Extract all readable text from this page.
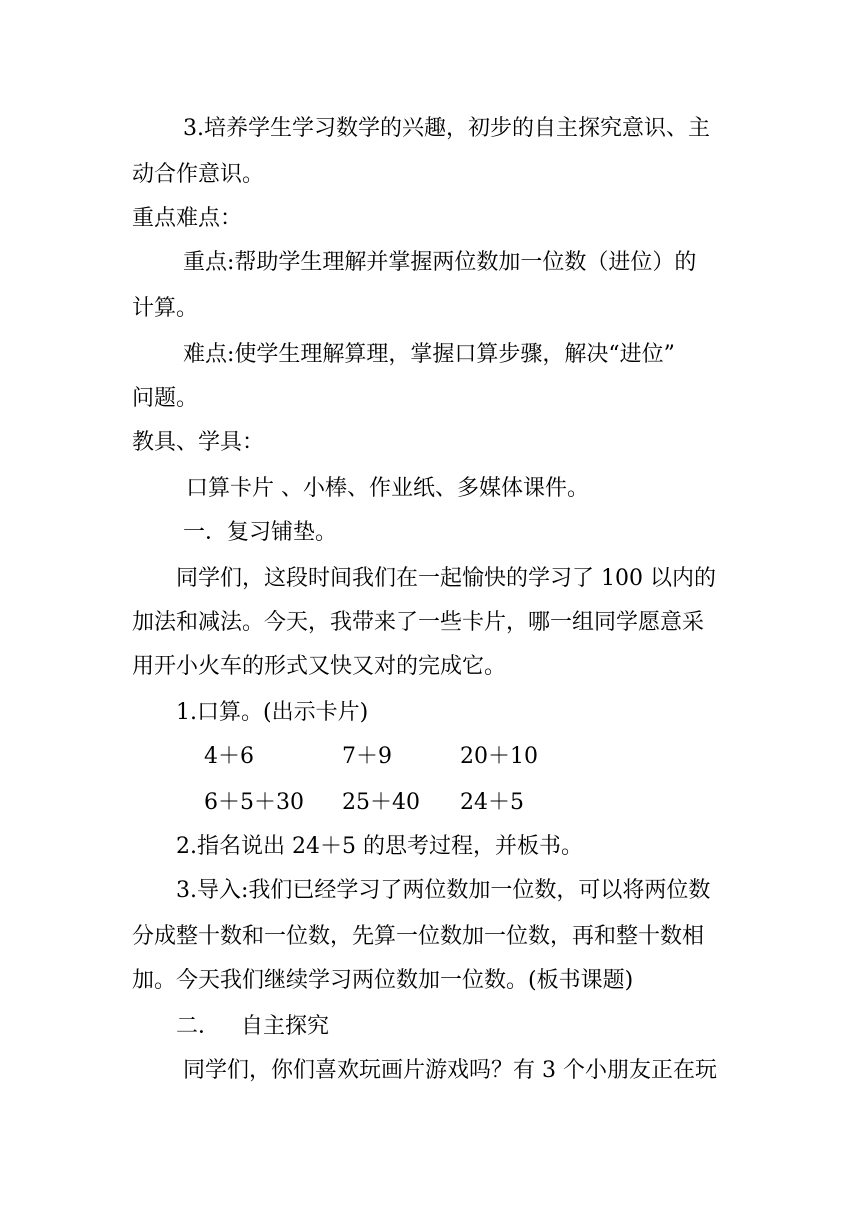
3.培养学生学习数学的兴趣，初步的自主探究意识、主

动合作意识。

重点难点：

重点:帮助学生理解并掌握两位数加一位数（进位）的

计算。

难点:使学生理解算理，掌握口算步骤，解决“进位”

问题。

教具、学具：

口算卡片 、小棒、作业纸、多媒体课件。

一．复习铺垫。

同学们，这段时间我们在一起愉快的学习了 100 以内的

加法和减法。今天，我带来了一些卡片，哪一组同学愿意采

用开小火车的形式又快又对的完成它。

1.口算。(出示卡片)

4＋6

	7＋9

	20＋10

6＋5＋30

25＋40

24＋5

2.指名说出 24＋5 的思考过程，并板书。

3.导入:我们已经学习了两位数加一位数，可以将两位数

分成整十数和一位数，先算一位数加一位数，再和整十数相

加。今天我们继续学习两位数加一位数。(板书课题)

二．   自主探究

同学们，你们喜欢玩画片游戏吗？有 3 个小朋友正在玩
